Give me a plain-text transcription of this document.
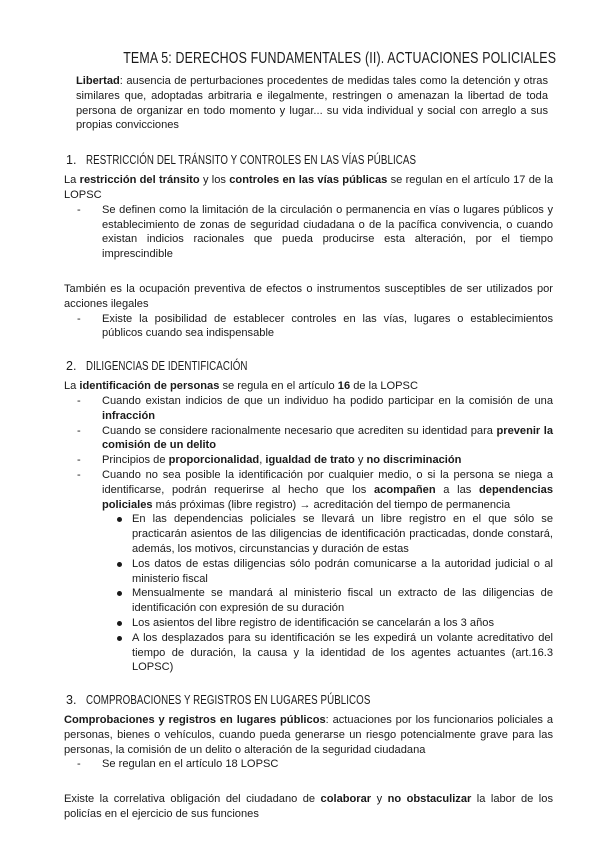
TEMA 5: DERECHOS FUNDAMENTALES (II). ACTUACIONES POLICIALES

Libertad: ausencia de perturbaciones procedentes de medidas tales como la detención y otras similares que, adoptadas arbitraria e ilegalmente, restringen o amenazan la libertad de toda persona de organizar en todo momento y lugar... su vida individual y social con arreglo a sus propias convicciones

1. RESTRICCIÓN DEL TRÁNSITO Y CONTROLES EN LAS VÍAS PÚBLICAS

La restricción del tránsito y los controles en las vías públicas se regulan en el artículo 17 de la LOPSC

- Se definen como la limitación de la circulación o permanencia en vías o lugares públicos y establecimiento de zonas de seguridad ciudadana o de la pacífica convivencia, o cuando existan indicios racionales que pueda producirse esta alteración, por el tiempo imprescindible

También es la ocupación preventiva de efectos o instrumentos susceptibles de ser utilizados por acciones ilegales

- Existe la posibilidad de establecer controles en las vías, lugares o establecimientos públicos cuando sea indispensable
2. DILIGENCIAS DE IDENTIFICACIÓN

La identificación de personas se regula en el artículo 16 de la LOPSC

- Cuando existan indicios de que un individuo ha podido participar en la comisión de una infracción
- Cuando se considere racionalmente necesario que acrediten su identidad para prevenir la comisión de un delito
- Principios de proporcionalidad, igualdad de trato y no discriminación
- Cuando no sea posible la identificación por cualquier medio, o si la persona se niega a identificarse, podrán requerirse al hecho que los acompañen a las dependencias policiales más próximas (libre registro) → acreditación del tiempo de permanencia
En las dependencias policiales se llevará un libre registro en el que sólo se practicarán asientos de las diligencias de identificación practicadas, donde constará, además, los motivos, circunstancias y duración de estas
Los datos de estas diligencias sólo podrán comunicarse a la autoridad judicial o al ministerio fiscal
Mensualmente se mandará al ministerio fiscal un extracto de las diligencias de identificación con expresión de su duración
Los asientos del libre registro de identificación se cancelarán a los 3 años
A los desplazados para su identificación se les expedirá un volante acreditativo del tiempo de duración, la causa y la identidad de los agentes actuantes (art.16.3 LOPSC)
3. COMPROBACIONES Y REGISTROS EN LUGARES PÚBLICOS

Comprobaciones y registros en lugares públicos: actuaciones por los funcionarios policiales a personas, bienes o vehículos, cuando pueda generarse un riesgo potencialmente grave para las personas, la comisión de un delito o alteración de la seguridad ciudadana

- Se regulan en el artículo 18 LOPSC

Existe la correlativa obligación del ciudadano de colaborar y no obstaculizar la labor de los policías en el ejercicio de sus funciones
